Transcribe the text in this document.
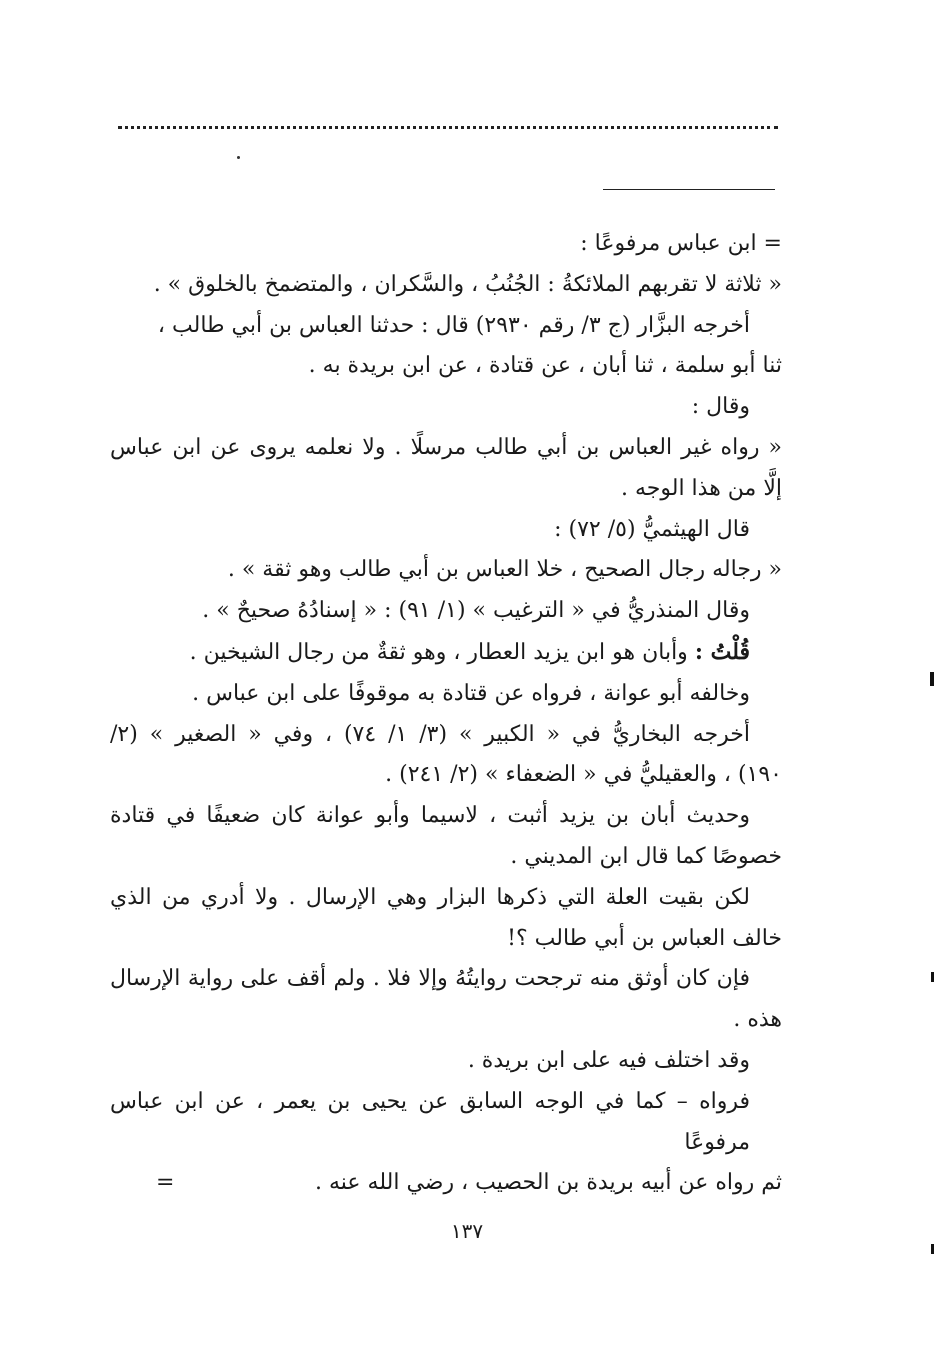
= ابن عباس مرفوعًا :
« ثلاثة لا تقربهم الملائكةُ : الجُنُبُ ، والسَّكران ، والمتضمخ بالخلوق » .
أخرجه البزَّار (ج ٣/ رقم ٢٩٣٠) قال : حدثنا العباس بن أبي طالب ،
ثنا أبو سلمة ، ثنا أبان ، عن قتادة ، عن ابن بريدة به .
وقال :
« رواه غير العباس بن أبي طالب مرسلًا . ولا نعلمه يروى عن ابن عباس
إلَّا من هذا الوجه .
قال الهيثميُّ (٥/ ٧٢) :
« رجاله رجال الصحيح ، خلا العباس بن أبي طالب وهو ثقة » .
وقال المنذريُّ في « الترغيب » (١/ ٩١) : « إسنادُهُ صحيحٌ » .
قُلْتُ : وأبان هو ابن يزيد العطار ، وهو ثقةٌ من رجال الشيخين .
وخالفه أبو عوانة ، فرواه عن قتادة به موقوفًا على ابن عباس .
أخرجه البخاريُّ في « الكبير » (٣/ ١/ ٧٤) ، وفي « الصغير » (٢/
١٩٠) ، والعقيليُّ في « الضعفاء » (٢/ ٢٤١) .
وحديث أبان بن يزيد أثبت ، لاسيما وأبو عوانة كان ضعيفًا في قتادة
خصوصًا كما قال ابن المديني .
لكن بقيت العلة التي ذكرها البزار وهي الإرسال . ولا أدري من الذي
خالف العباس بن أبي طالب ؟!
فإن كان أوثق منه ترجحت روايتُهُ وإلا فلا . ولم أقف على رواية الإرسال
هذه .
وقد اختلف فيه على ابن بريدة .
فرواه – كما في الوجه السابق عن يحيى بن يعمر ، عن ابن عباس مرفوعًا
ثم رواه عن أبيه بريدة بن الحصيب ، رضي الله عنه .
=
١٣٧
